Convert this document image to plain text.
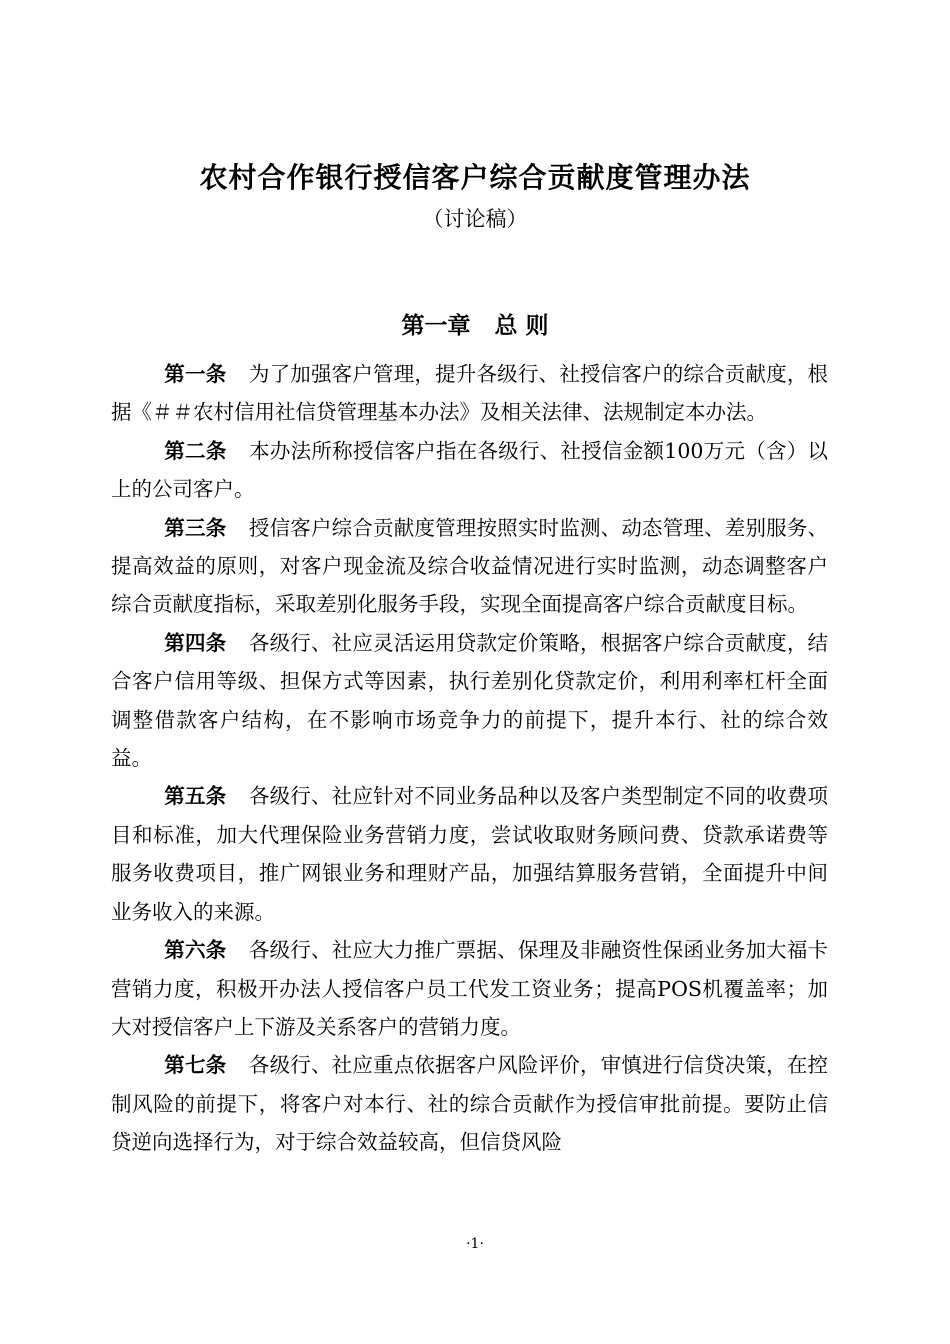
农村合作银行授信客户综合贡献度管理办法
（讨论稿）
第一章   总 则

第一条 为了加强客户管理，提升各级行、社授信客户的综合贡献度，根据《＃＃农村信用社信贷管理基本办法》及相关法律、法规制定本办法。

第二条 本办法所称授信客户指在各级行、社授信金额100万元（含）以上的公司客户。

第三条 授信客户综合贡献度管理按照实时监测、动态管理、差别服务、提高效益的原则，对客户现金流及综合收益情况进行实时监测，动态调整客户综合贡献度指标，采取差别化服务手段，实现全面提高客户综合贡献度目标。

第四条 各级行、社应灵活运用贷款定价策略，根据客户综合贡献度，结合客户信用等级、担保方式等因素，执行差别化贷款定价，利用利率杠杆全面调整借款客户结构，在不影响市场竞争力的前提下，提升本行、社的综合效益。

第五条 各级行、社应针对不同业务品种以及客户类型制定不同的收费项目和标准，加大代理保险业务营销力度，尝试收取财务顾问费、贷款承诺费等服务收费项目，推广网银业务和理财产品，加强结算服务营销，全面提升中间业务收入的来源。

第六条 各级行、社应大力推广票据、保理及非融资性保函业务加大福卡营销力度，积极开办法人授信客户员工代发工资业务；提高POS机覆盖率；加大对授信客户上下游及关系客户的营销力度。

第七条 各级行、社应重点依据客户风险评价，审慎进行信贷决策，在控制风险的前提下，将客户对本行、社的综合贡献作为授信审批前提。要防止信贷逆向选择行为，对于综合效益较高，但信贷风险

·1·
